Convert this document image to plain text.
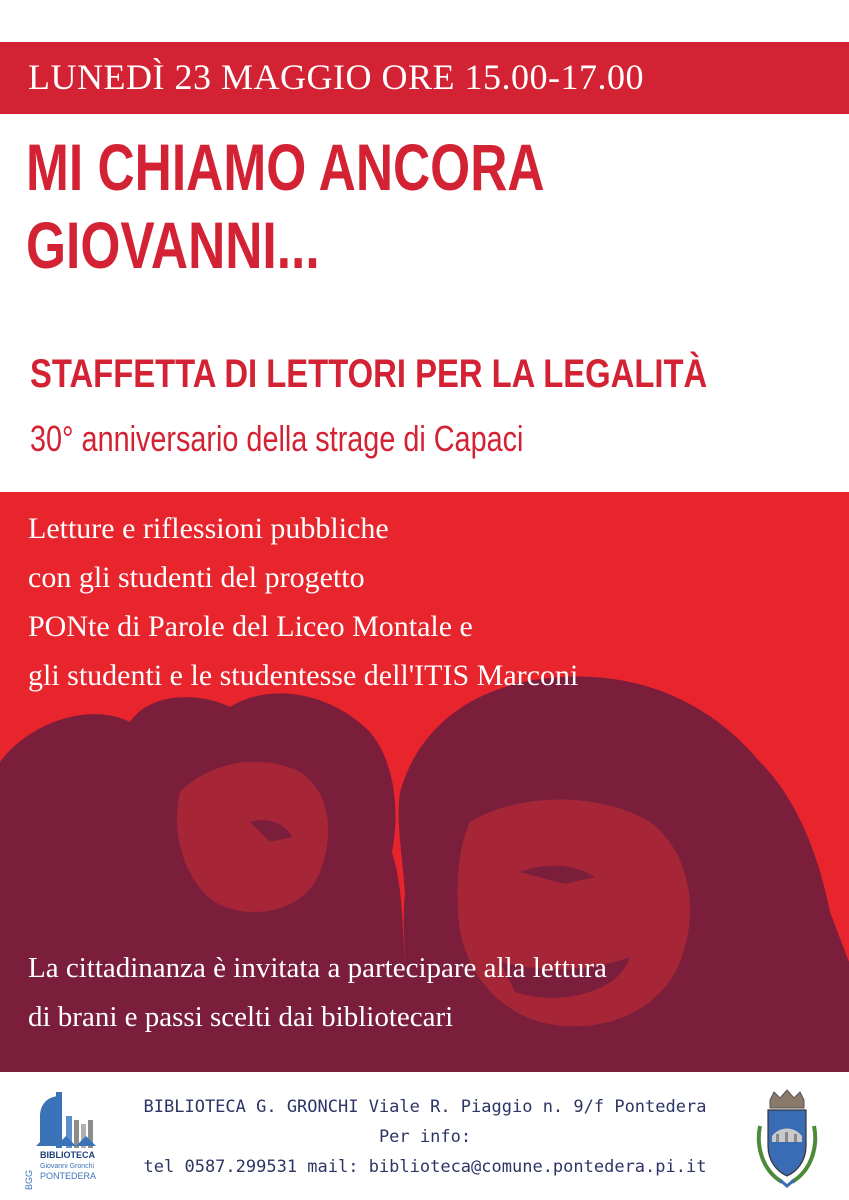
LUNEDÌ 23 MAGGIO ORE 15.00-17.00
MI CHIAMO ANCORA
GIOVANNI...
STAFFETTA DI LETTORI PER LA LEGALITÀ
30° anniversario della strage di Capaci
Letture e riflessioni pubbliche
con gli studenti del progetto
PONte di Parole del Liceo Montale e
gli studenti e le studentesse dell'ITIS Marconi
La cittadinanza è invitata a partecipare alla lettura
di brani e passi scelti dai bibliotecari
BGG
BIBLIOTECA
Giovanni Gronchi
PONTEDERA
BIBLIOTECA G. GRONCHI Viale R. Piaggio n. 9/f Pontedera
Per info:
tel 0587.299531 mail: biblioteca@comune.pontedera.pi.it
